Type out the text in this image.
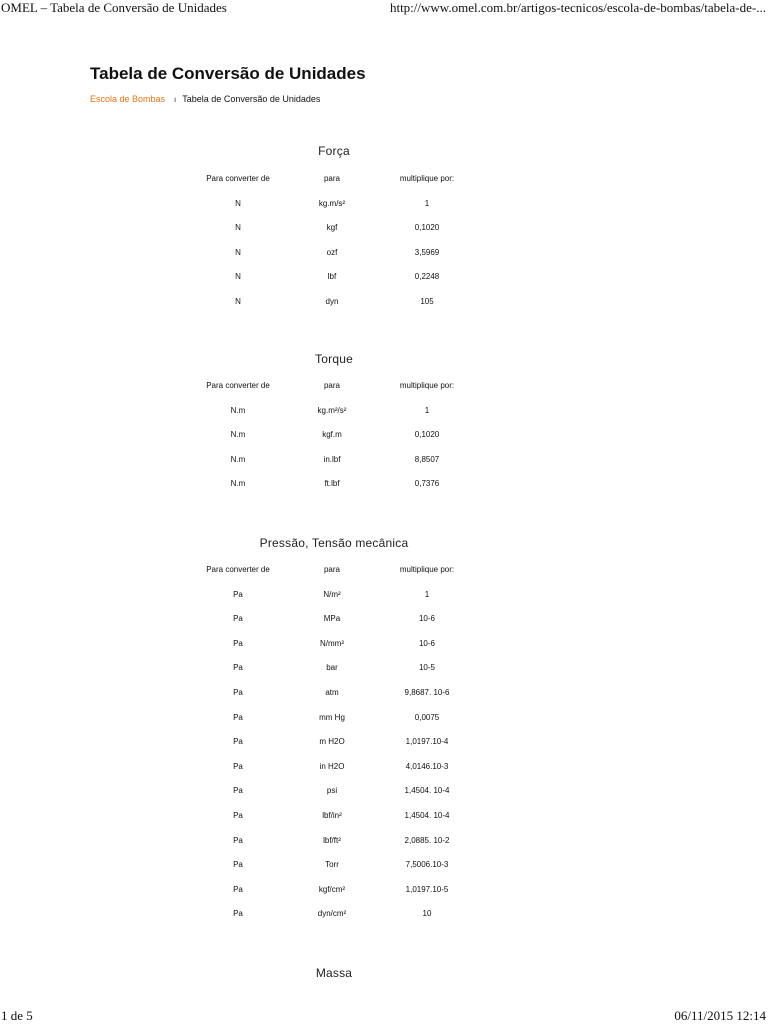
OMEL – Tabela de Conversão de Unidades	http://www.omel.com.br/artigos-tecnicos/escola-de-bombas/tabela-de-...
Tabela de Conversão de Unidades
Escola de Bombas ı Tabela de Conversão de Unidades
Força
Para converter de	para	multiplique por:
N	kg.m/s²	1
N	kgf	0,1020
N	ozf	3,5969
N	lbf	0,2248
N	dyn	105
Torque
Para converter de	para	multiplique por:
N.m	kg.m²/s²	1
N.m	kgf.m	0,1020
N.m	in.lbf	8,8507
N.m	ft.lbf	0,7376
Pressão, Tensão mecânica
Para converter de	para	multiplique por:
Pa	N/m²	1
Pa	MPa	10-6
Pa	N/mm²	10-6
Pa	bar	10-5
Pa	atm	9,8687. 10-6
Pa	mm Hg	0,0075
Pa	m H2O	1,0197.10-4
Pa	in H2O	4,0146.10-3
Pa	psi	1,4504. 10-4
Pa	lbf/in²	1,4504. 10-4
Pa	lbf/ft²	2,0885. 10-2
Pa	Torr	7,5006.10-3
Pa	kgf/cm²	1,0197.10-5
Pa	dyn/cm²	10
Massa
1 de 5	06/11/2015 12:14
